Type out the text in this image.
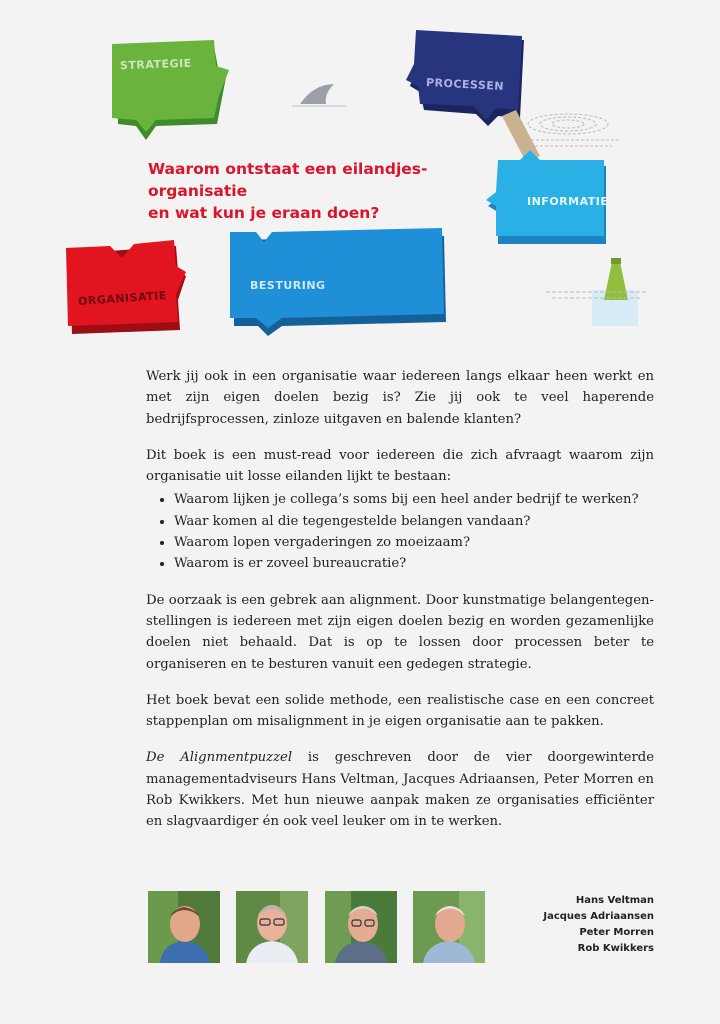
STRATEGIE
PROCESSEN
INFORMATIE
ORGANISATIE
BESTURING
Waarom ontstaat een eilandjes-organisatie
en wat kun je eraan doen?

Werk jij ook in een organisatie waar iedereen langs elkaar heen werkt en met zijn eigen doelen bezig is? Zie jij ook te veel haperende bedrijfsprocessen, zinloze uitgaven en balende klanten?

Dit boek is een must-read voor iedereen die zich afvraagt waarom zijn organisatie uit losse eilanden lijkt te bestaan:

• Waarom lijken je collega’s soms bij een heel ander bedrijf te werken?
• Waar komen al die tegengestelde belangen vandaan?
• Waarom lopen vergaderingen zo moeizaam?
• Waarom is er zoveel bureaucratie?

De oorzaak is een gebrek aan alignment. Door kunstmatige belangentegenstellingen is iedereen met zijn eigen doelen bezig en worden gezamenlijke doelen niet behaald. Dat is op te lossen door processen beter te organiseren en te besturen vanuit een gedegen strategie.

Het boek bevat een solide methode, een realistische case en een concreet stappenplan om misalignment in je eigen organisatie aan te pakken.

De Alignmentpuzzel is geschreven door de vier doorgewinterde managementadviseurs Hans Veltman, Jacques Adriaansen, Peter Morren en Rob Kwikkers. Met hun nieuwe aanpak maken ze organisaties efficiënter en slagvaardiger én ook veel leuker om in te werken.

Hans Veltman
Jacques Adriaansen
Peter Morren
Rob Kwikkers
